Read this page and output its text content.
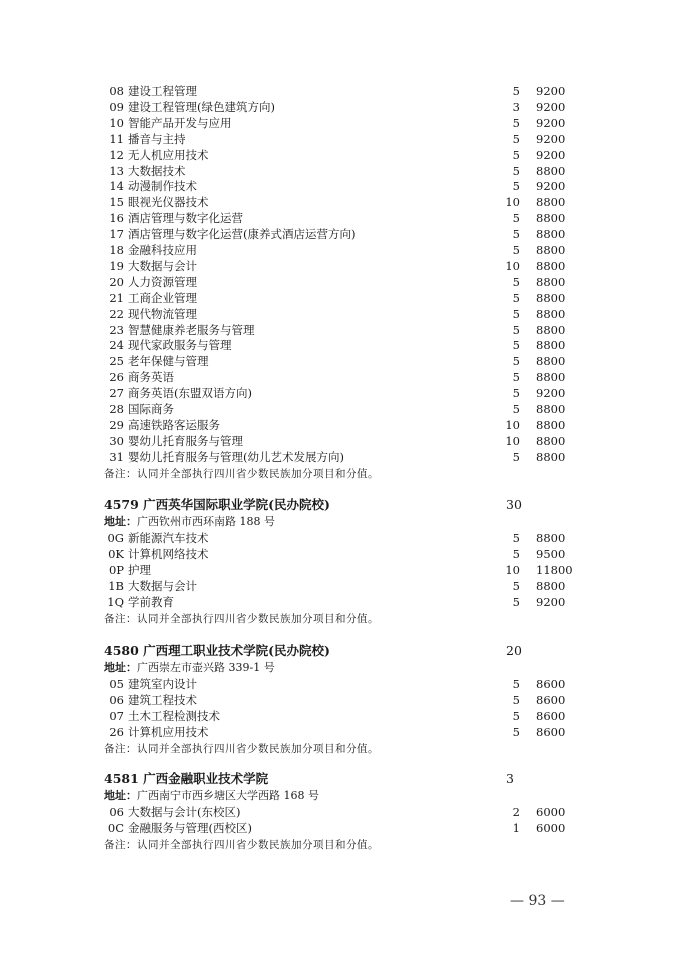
08 建设工程管理	5 9200
09 建设工程管理(绿色建筑方向)	3 9200
10 智能产品开发与应用	5 9200
11 播音与主持	5 9200
12 无人机应用技术	5 9200
13 大数据技术	5 8800
14 动漫制作技术	5 9200
15 眼视光仪器技术	10 8800
16 酒店管理与数字化运营	5 8800
17 酒店管理与数字化运营(康养式酒店运营方向)	5 8800
18 金融科技应用	5 8800
19 大数据与会计	10 8800
20 人力资源管理	5 8800
21 工商企业管理	5 8800
22 现代物流管理	5 8800
23 智慧健康养老服务与管理	5 8800
24 现代家政服务与管理	5 8800
25 老年保健与管理	5 8800
26 商务英语	5 8800
27 商务英语(东盟双语方向)	5 9200
28 国际商务	5 8800
29 高速铁路客运服务	10 8800
30 婴幼儿托育服务与管理	10 8800
31 婴幼儿托育服务与管理(幼儿艺术发展方向)	5 8800
备注：认同并全部执行四川省少数民族加分项目和分值。
4579 广西英华国际职业学院(民办院校)	30
地址：广西钦州市西环南路 188 号
0G 新能源汽车技术	5 8800
0K 计算机网络技术	5 9500
0P 护理	10 11800
1B 大数据与会计	5 8800
1Q 学前教育	5 9200
备注：认同并全部执行四川省少数民族加分项目和分值。
4580 广西理工职业技术学院(民办院校)	20
地址：广西崇左市壶兴路 339-1 号
05 建筑室内设计	5 8600
06 建筑工程技术	5 8600
07 土木工程检测技术	5 8600
26 计算机应用技术	5 8600
备注：认同并全部执行四川省少数民族加分项目和分值。
4581 广西金融职业技术学院	3
地址：广西南宁市西乡塘区大学西路 168 号
06 大数据与会计(东校区)	2 6000
0C 金融服务与管理(西校区)	1 6000
备注：认同并全部执行四川省少数民族加分项目和分值。
— 93 —
